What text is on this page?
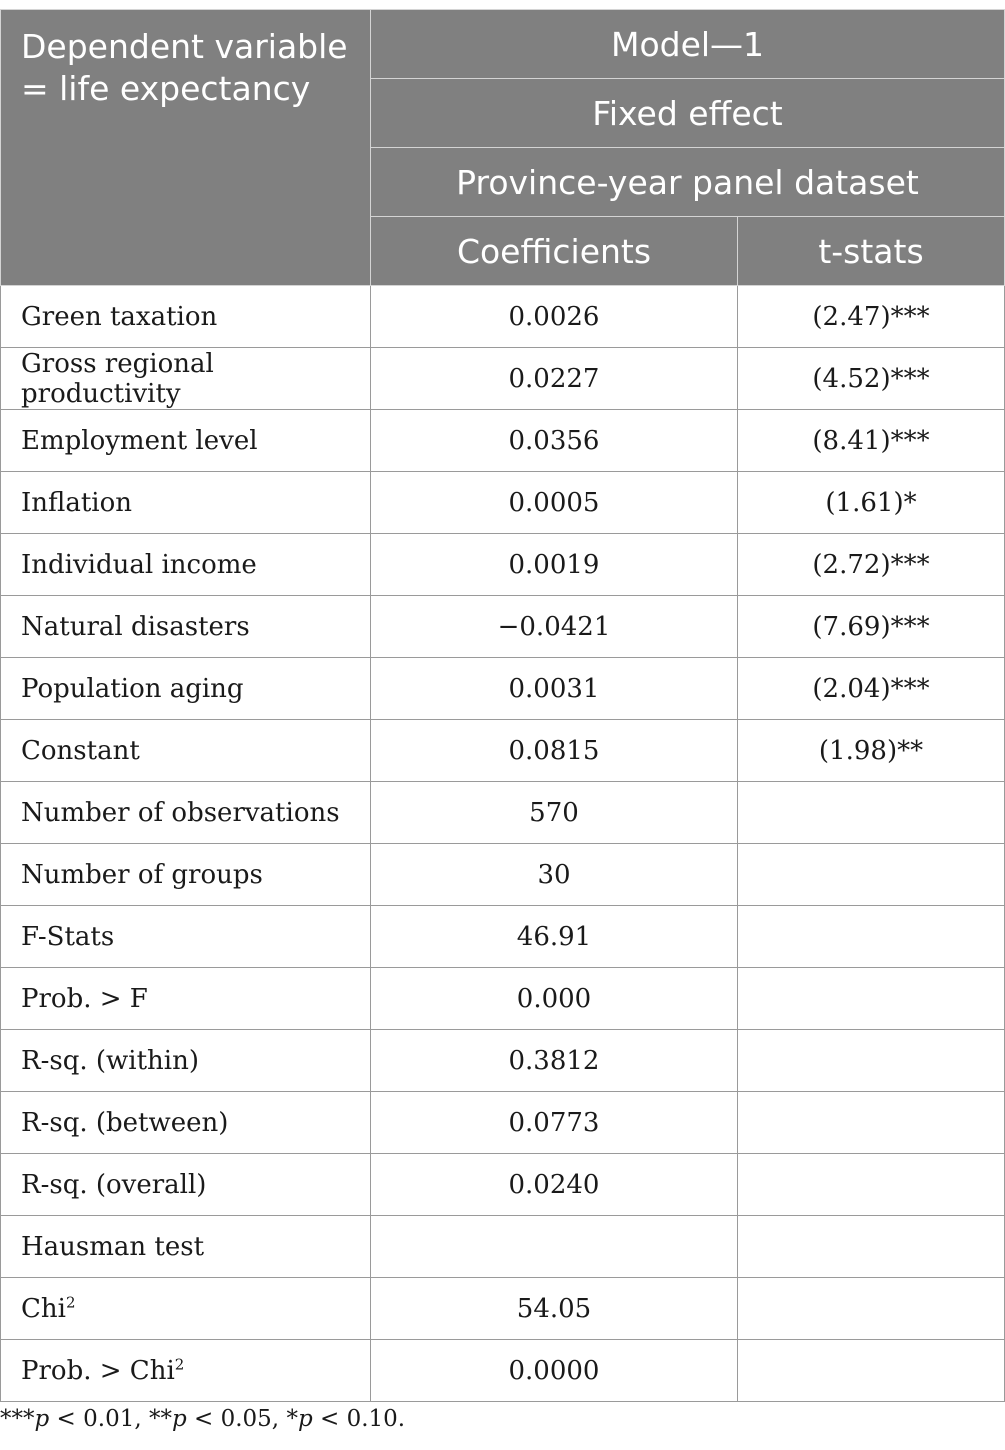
Dependent variable = life expectancy	Model—1	
	Fixed effect	
	Province-year panel dataset	
	Coefficients	t-stats
Green taxation	0.0026	(2.47)***
Gross regional productivity	0.0227	(4.52)***
Employment level	0.0356	(8.41)***
Inflation	0.0005	(1.61)*
Individual income	0.0019	(2.72)***
Natural disasters	−0.0421	(7.69)***
Population aging	0.0031	(2.04)***
Constant	0.0815	(1.98)**
Number of observations	570	
Number of groups	30	
F-Stats	46.91	
Prob. > F	0.000	
R-sq. (within)	0.3812	
R-sq. (between)	0.0773	
R-sq. (overall)	0.0240	
Hausman test		
Chi$^2$	54.05	
Prob. > Chi$^2$	0.0000	
***p < 0.01, **p < 0.05, *p < 0.10.
